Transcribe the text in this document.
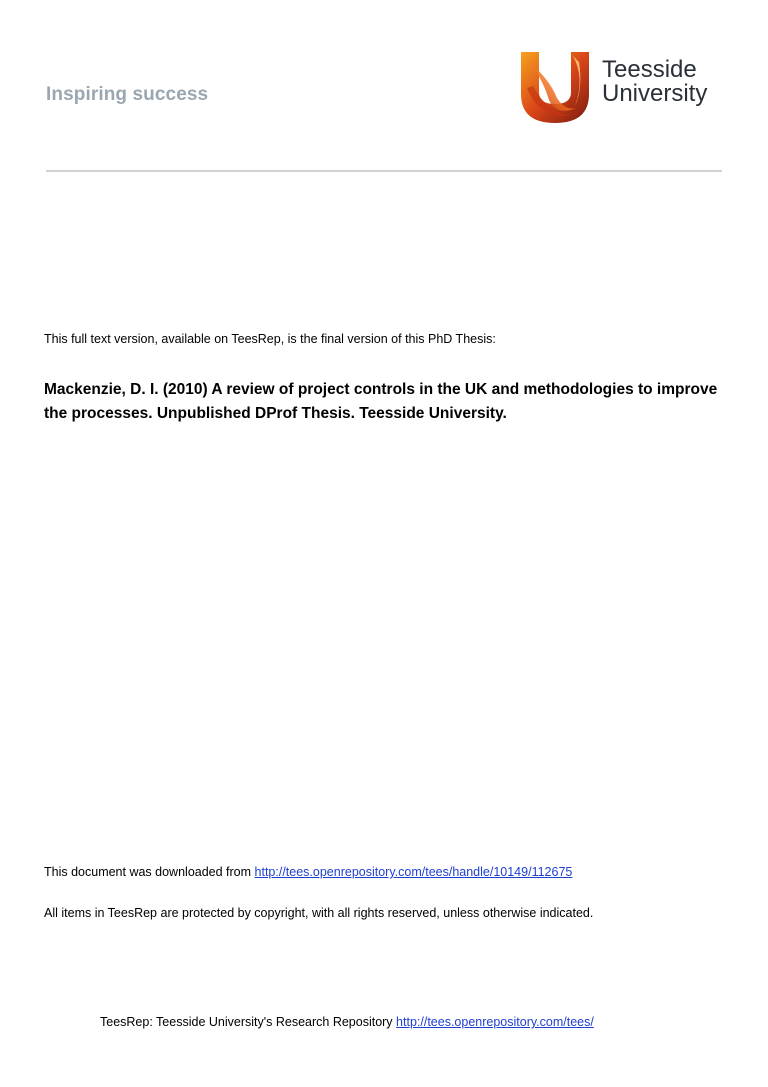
Inspiring success
Teesside
University
This full text version, available on TeesRep, is the final version of this PhD Thesis:
Mackenzie, D. I. (2010) A review of project controls in the UK and methodologies to improve the processes. Unpublished DProf Thesis. Teesside University.
This document was downloaded from http://tees.openrepository.com/tees/handle/10149/112675
All items in TeesRep are protected by copyright, with all rights reserved, unless otherwise indicated.
TeesRep: Teesside University's Research Repository http://tees.openrepository.com/tees/
